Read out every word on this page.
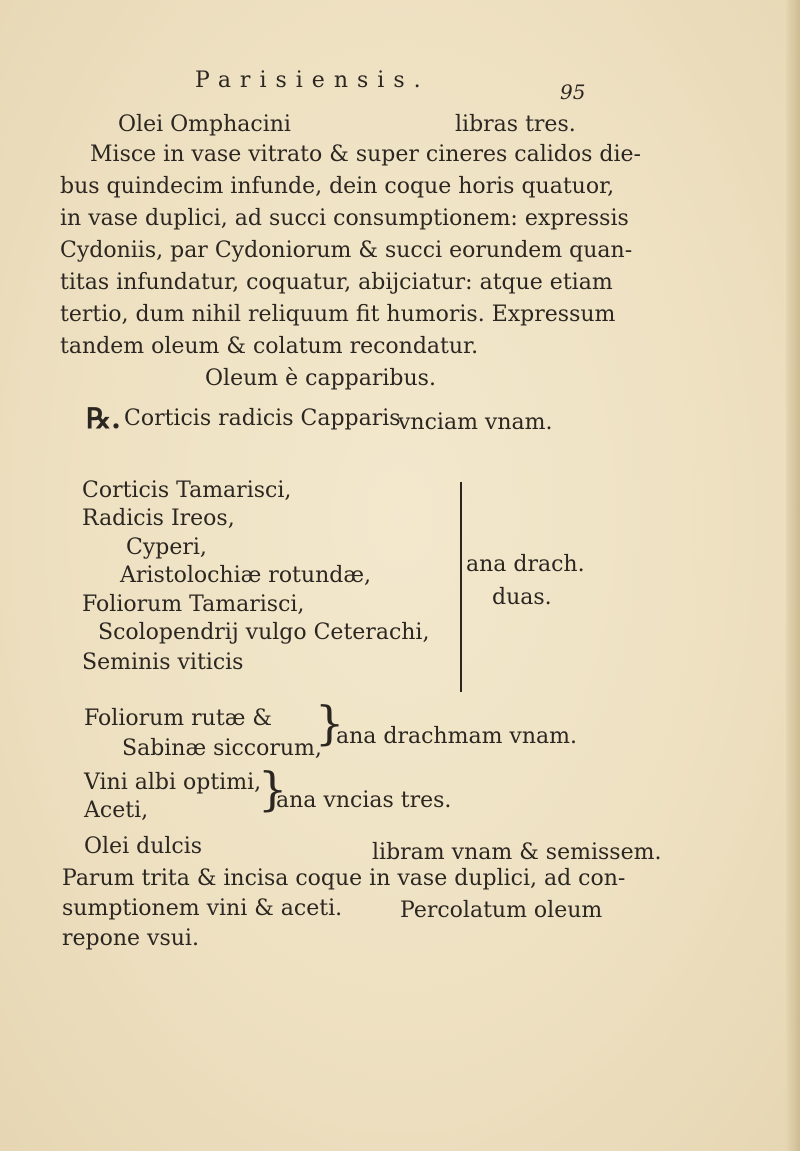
Parisiensis.	95
Olei Omphacini	libras tres.
Misce in vase vitrato & super cineres calidos die-
bus quindecim infunde, dein coque horis quatuor,
in vase duplici, ad succi consumptionem: expressis
Cydoniis, par Cydoniorum & succi eorundem quan-
titas infundatur, coquatur, abijciatur: atque etiam
tertio, dum nihil reliquum fit humoris. Expressum
tandem oleum & colatum recondatur.
Oleum è capparibus.
℞. Corticis radicis Capparis
vnciam vnam.
Corticis Tamarisci,
Radicis Ireos,
Cyperi,
Aristolochiæ rotundæ,
Foliorum Tamarisci,
Scolopendrij vulgo Ceterachi,
Seminis viticis
ana drach.
duas.
Foliorum rutæ &
Sabinæ siccorum,
}
ana drachmam vnam.
Vini albi optimi,
Aceti, }
ana vncias tres.
Olei dulcis	libram vnam & semissem.
Parum trita & incisa coque in vase duplici, ad con-
sumptionem vini & aceti.	Percolatum oleum
repone vsui.
